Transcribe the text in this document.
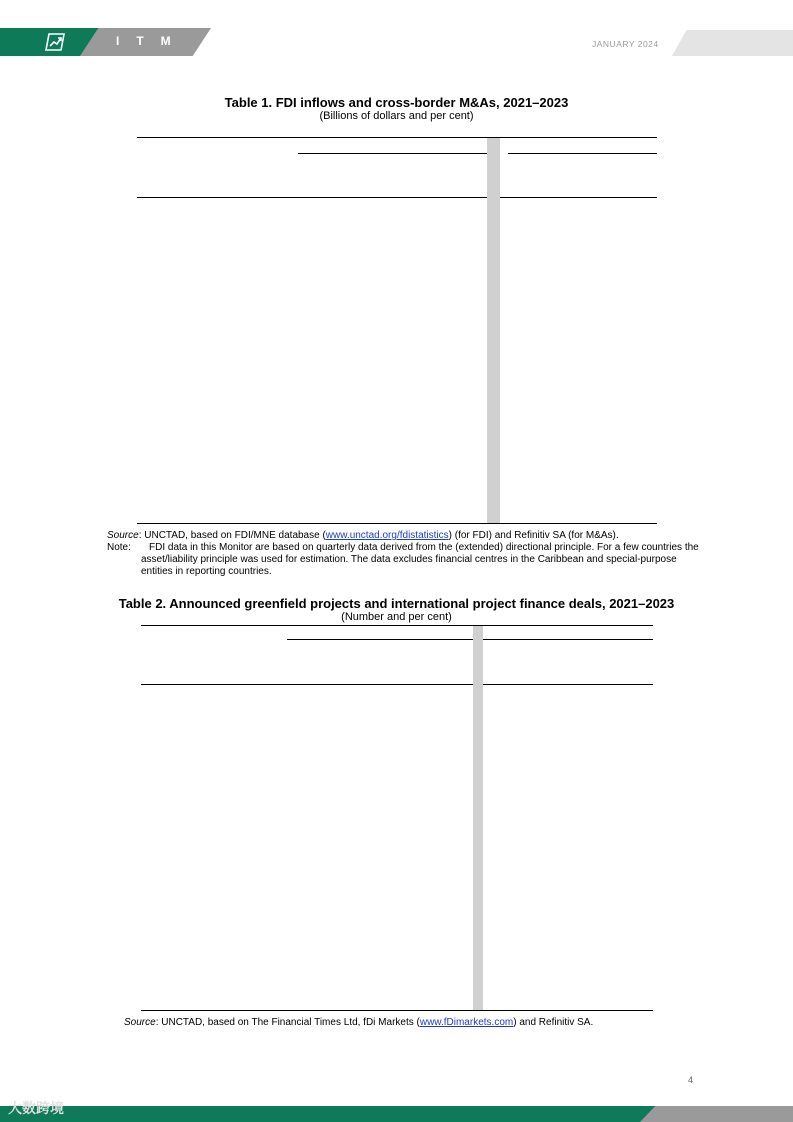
ITM	JANUARY 2024
Table 1. FDI inflows and cross-border M&As, 2021–2023
(Billions of dollars and per cent)
Source: UNCTAD, based on FDI/MNE database (www.unctad.org/fdistatistics) (for FDI) and Refinitiv SA (for M&As).
Note:	FDI data in this Monitor are based on quarterly data derived from the (extended) directional principle. For a few countries the asset/liability principle was used for estimation. The data excludes financial centres in the Caribbean and special-purpose entities in reporting countries.
Table 2. Announced greenfield projects and international project finance deals, 2021–2023
(Number and per cent)
Source: UNCTAD, based on The Financial Times Ltd, fDi Markets (www.fDimarkets.com) and Refinitiv SA.
4
大数跨境
